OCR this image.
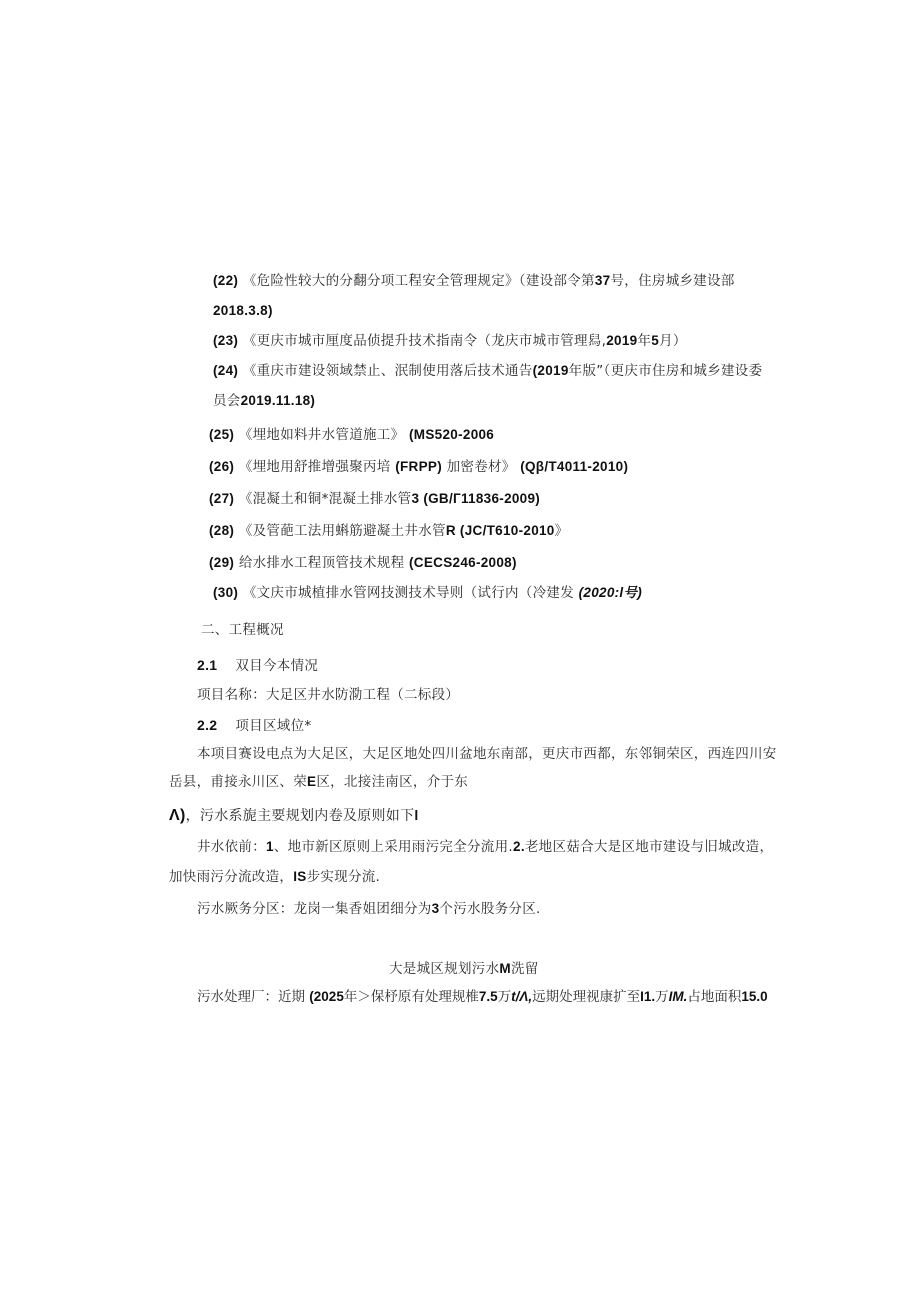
(22) 《危险性较大的分翻分项工程安全管理规定》（建设部令第37号，住房城乡建设部
2018.3.8)
(23) 《更庆市城市厘度品侦提升技术指南令（龙庆市城市管理舄,2019年5月）
(24) 《重庆市建设领域禁止、泯制使用落后技术通告(2019年版”（更庆市住房和城乡建设委
员会2019.11.18)
(25) 《埋地如料井水管道施工》 (MS520-2006
(26) 《埋地用舒推增强聚丙培 (FRPP) 加密卷材》 (Qβ/T4011-2010)
(27) 《混凝土和铜*混凝土排水管3 (GB/Г11836-2009)
(28) 《及管葩工法用蝌筋避凝土井水管R (JC/T610-2010》
(29) 给水排水工程顶管技术规程 (CECS246-2008)
(30) 《文庆市城植排水管网技测技术导则（试行内（冷建发 (2020:l号)
二、工程概况
2.1 双目今本情况
项目名称：大足区井水防泐工程（二标段）
2.2 项目区域位*
本项目赛设电点为大足区，大足区地处四川盆地东南部，更庆市西都，东邻铜荣区，西连四川安
岳县，甫接永川区、荣E区，北接洼南区，介于东
Λ)，污水系旎主要规划内卷及原则如下l
井水依前：1、地市新区原则上采用雨污完全分流用.2.老地区菇合大是区地市建设与旧城改造，
加快雨污分流改造，IS步实现分流.
污水厥务分区：龙岗一集香姐团细分为3个污水股务分区.
大是城区规划污水M洗留
污水处理厂：近期 (2025年＞保杼原有处理规椎7.5万t/Λ,远期处理视康扩至I1.万IM.占地面积15.0
